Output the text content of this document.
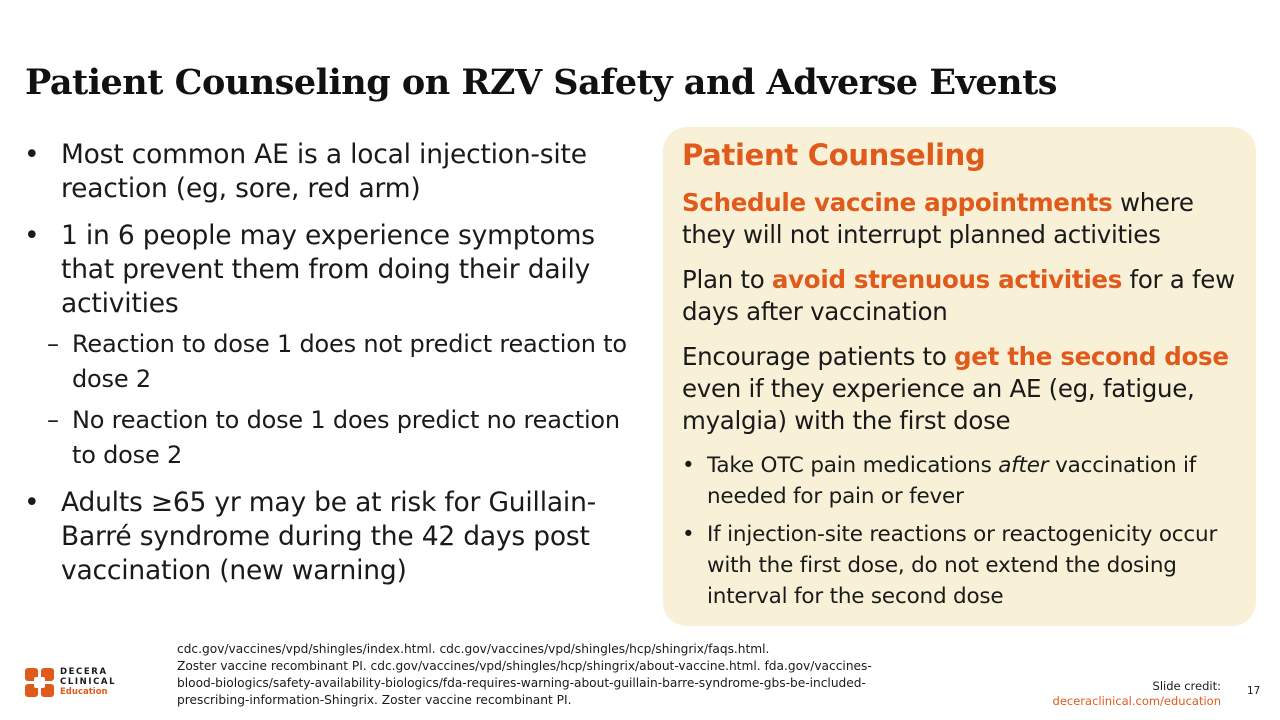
Patient Counseling on RZV Safety and Adverse Events
• Most common AE is a local injection-site reaction (eg, sore, red arm)
• 1 in 6 people may experience symptoms that prevent them from doing their daily activities
– Reaction to dose 1 does not predict reaction to dose 2
– No reaction to dose 1 does predict no reaction to dose 2
• Adults ≥65 yr may be at risk for Guillain-Barré syndrome during the 42 days post vaccination (new warning)
Patient Counseling
Schedule vaccine appointments where they will not interrupt planned activities
Plan to avoid strenuous activities for a few days after vaccination
Encourage patients to get the second dose even if they experience an AE (eg, fatigue, myalgia) with the first dose
• Take OTC pain medications after vaccination if needed for pain or fever
• If injection-site reactions or reactogenicity occur with the first dose, do not extend the dosing interval for the second dose
DECERA
CLINICAL
Education
cdc.gov/vaccines/vpd/shingles/index.html. cdc.gov/vaccines/vpd/shingles/hcp/shingrix/faqs.html.
Zoster vaccine recombinant PI. cdc.gov/vaccines/vpd/shingles/hcp/shingrix/about-vaccine.html. fda.gov/vaccines-
blood-biologics/safety-availability-biologics/fda-requires-warning-about-guillain-barre-syndrome-gbs-be-included-
prescribing-information-Shingrix. Zoster vaccine recombinant PI.
Slide credit:
deceraclinical.com/education
17
